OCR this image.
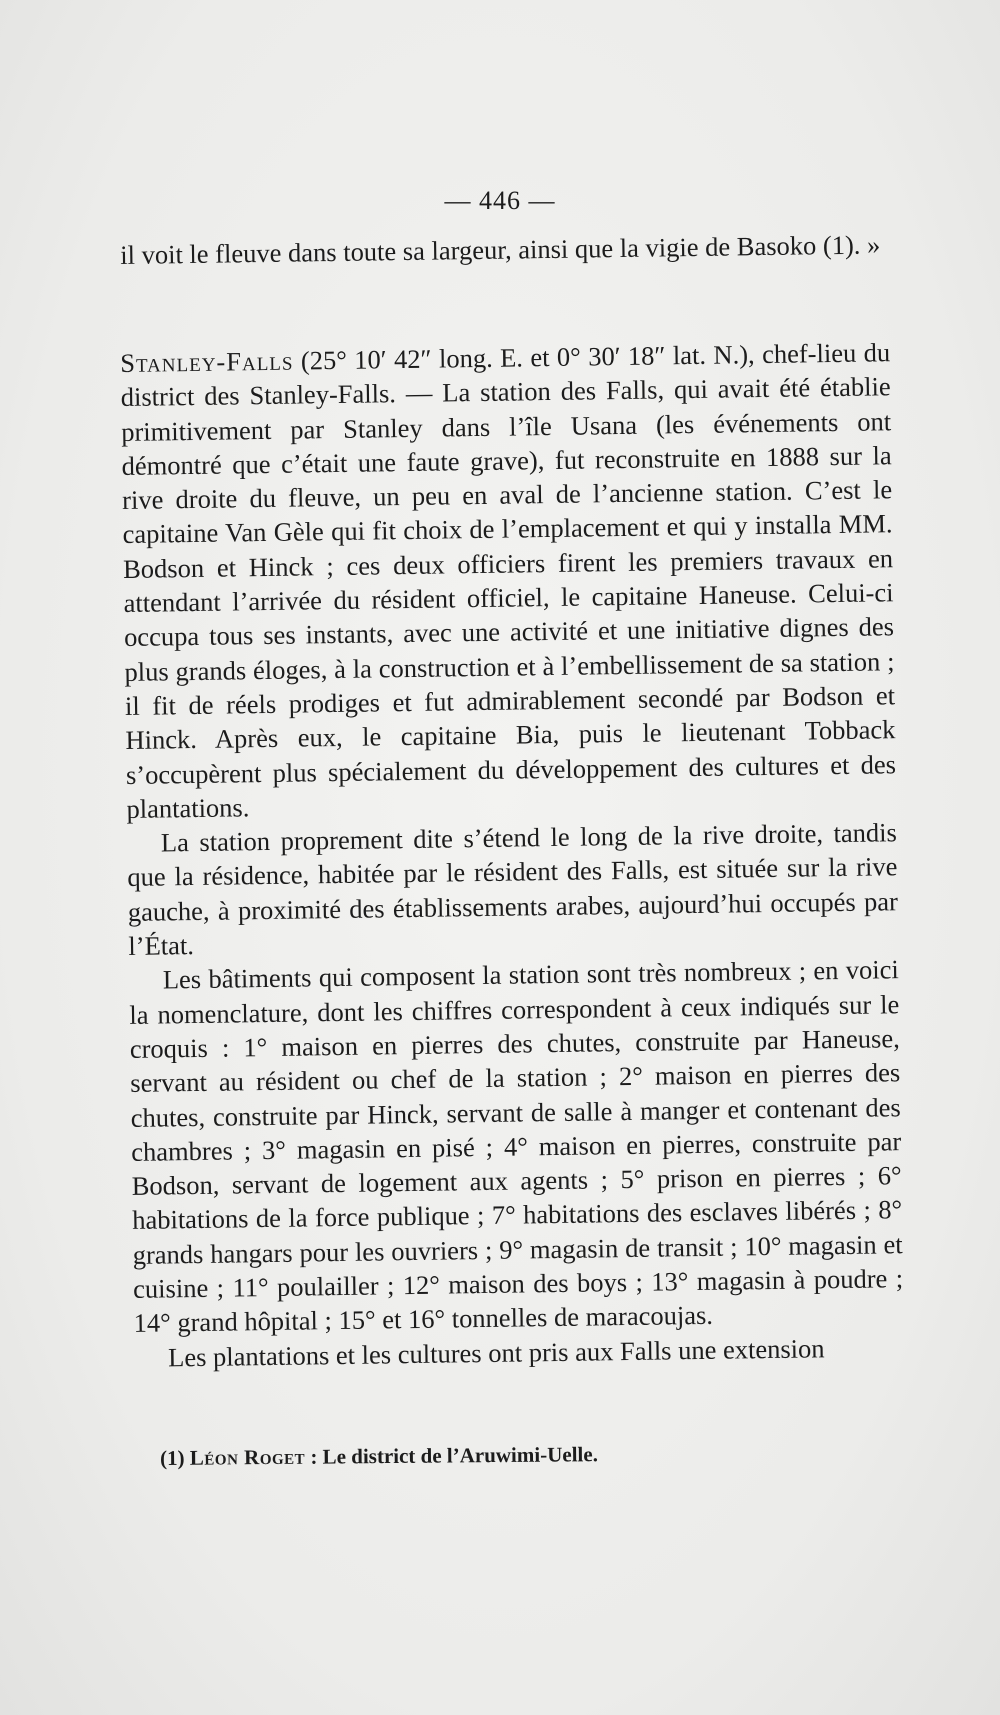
— 446 —
il voit le fleuve dans toute sa largeur, ainsi que la vigie de Basoko (1). »

Stanley-Falls (25° 10′ 42″ long. E. et 0° 30′ 18″ lat. N.), chef-lieu du district des Stanley-Falls. — La station des Falls, qui avait été établie primitivement par Stanley dans l’île Usana (les événements ont démontré que c’était une faute grave), fut reconstruite en 1888 sur la rive droite du fleuve, un peu en aval de l’ancienne station. C’est le capitaine Van Gèle qui fit choix de l’emplacement et qui y installa MM. Bodson et Hinck ; ces deux officiers firent les premiers travaux en attendant l’arrivée du résident officiel, le capitaine Haneuse. Celui-ci occupa tous ses instants, avec une activité et une initiative dignes des plus grands éloges, à la construction et à l’embellissement de sa station ; il fit de réels prodiges et fut admirablement secondé par Bodson et Hinck. Après eux, le capitaine Bia, puis le lieutenant Tobback s’occupèrent plus spécialement du développement des cultures et des plantations.

La station proprement dite s’étend le long de la rive droite, tandis que la résidence, habitée par le résident des Falls, est située sur la rive gauche, à proximité des établissements arabes, aujourd’hui occupés par l’État.

Les bâtiments qui composent la station sont très nombreux ; en voici la nomenclature, dont les chiffres correspondent à ceux indiqués sur le croquis : 1° maison en pierres des chutes, construite par Haneuse, servant au résident ou chef de la station ; 2° maison en pierres des chutes, construite par Hinck, servant de salle à manger et contenant des chambres ; 3° magasin en pisé ; 4° maison en pierres, construite par Bodson, servant de logement aux agents ; 5° prison en pierres ; 6° habitations de la force publique ; 7° habitations des esclaves libérés ; 8° grands hangars pour les ouvriers ; 9° magasin de transit ; 10° magasin et cuisine ; 11° poulailler ; 12° maison des boys ; 13° magasin à poudre ; 14° grand hôpital ; 15° et 16° tonnelles de maracoujas.

Les plantations et les cultures ont pris aux Falls une extension

(1) Léon Roget : Le district de l’Aruwimi-Uelle.
